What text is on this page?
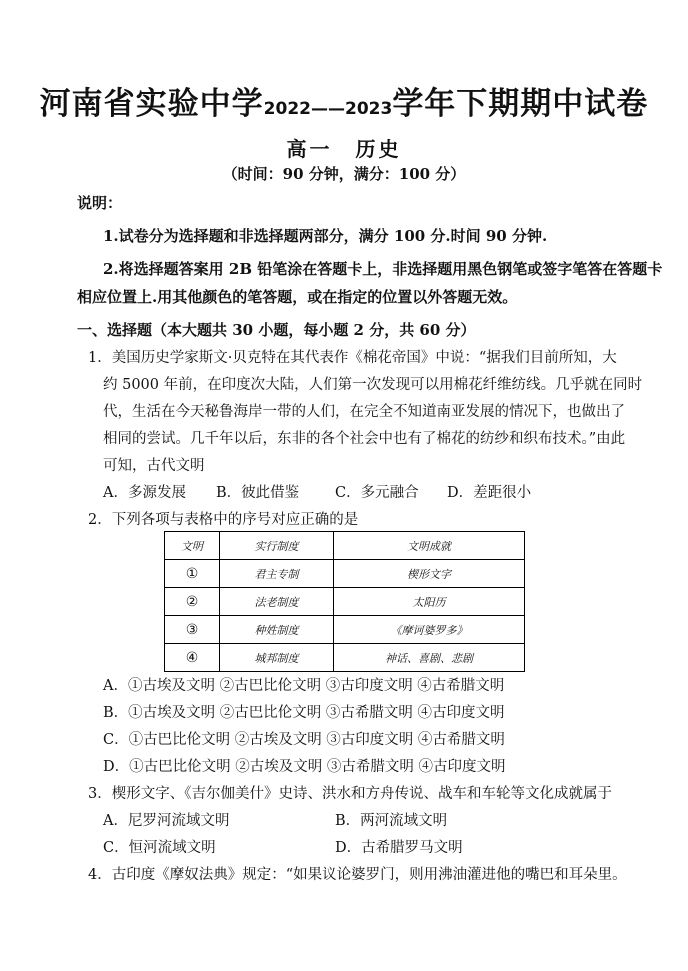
河南省实验中学2022——2023学年下期期中试卷
高一　历史
（时间：90 分钟，满分：100 分）
说明：
1.试卷分为选择题和非选择题两部分，满分 100 分.时间 90 分钟.
2.将选择题答案用 2B 铅笔涂在答题卡上，非选择题用黑色钢笔或签字笔答在答题卡
相应位置上.用其他颜色的笔答题，或在指定的位置以外答题无效。
一、选择题（本大题共 30 小题，每小题 2 分，共 60 分）
1．美国历史学家斯文·贝克特在其代表作《棉花帝国》中说：“据我们目前所知，大
约 5000 年前，在印度次大陆，人们第一次发现可以用棉花纤维纺线。几乎就在同时
代，生活在今天秘鲁海岸一带的人们，在完全不知道南亚发展的情况下，也做出了
相同的尝试。几千年以后，东非的各个社会中也有了棉花的纺纱和织布技术。”由此
可知，古代文明
A．多源发展 B．彼此借鉴 C．多元融合 D．差距很小
2．下列各项与表格中的序号对应正确的是
文明	实行制度	文明成就
①	君主专制	楔形文字
②	法老制度	太阳历
③	种姓制度	《摩诃婆罗多》
④	城邦制度	神话、喜剧、悲剧
A．①古埃及文明 ②古巴比伦文明 ③古印度文明 ④古希腊文明
B．①古埃及文明 ②古巴比伦文明 ③古希腊文明 ④古印度文明
C．①古巴比伦文明 ②古埃及文明 ③古印度文明 ④古希腊文明
D．①古巴比伦文明 ②古埃及文明 ③古希腊文明 ④古印度文明
3．楔形文字、《吉尔伽美什》史诗、洪水和方舟传说、战车和车轮等文化成就属于
A．尼罗河流域文明	B．两河流域文明
C．恒河流域文明	D．古希腊罗马文明
4．古印度《摩奴法典》规定：“如果议论婆罗门，则用沸油灌进他的嘴巴和耳朵里。
